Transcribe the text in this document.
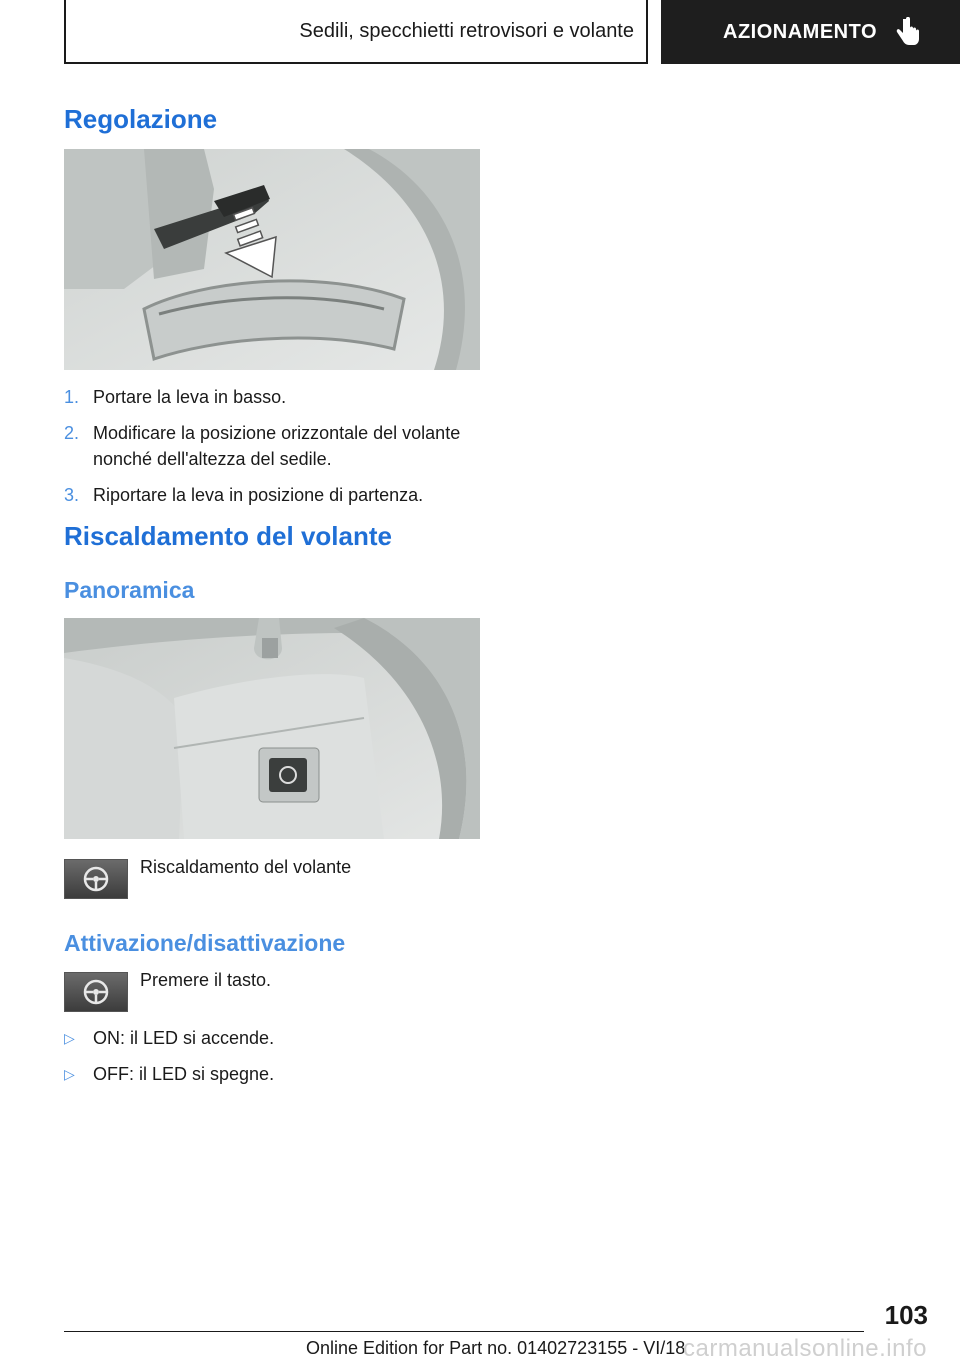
Sedili, specchietti retrovisori e volante	AZIONAMENTO
Regolazione
1. Portare la leva in basso.
2. Modificare la posizione orizzontale del volante nonché dell'altezza del sedile.
3. Riportare la leva in posizione di partenza.
Riscaldamento del volante
Panoramica
Riscaldamento del volante
Attivazione/disattivazione
Premere il tasto.
▷	ON: il LED si accende.
▷	OFF: il LED si spegne.
103
Online Edition for Part no. 01402723155 - VI/18
carmanualsonline.info
